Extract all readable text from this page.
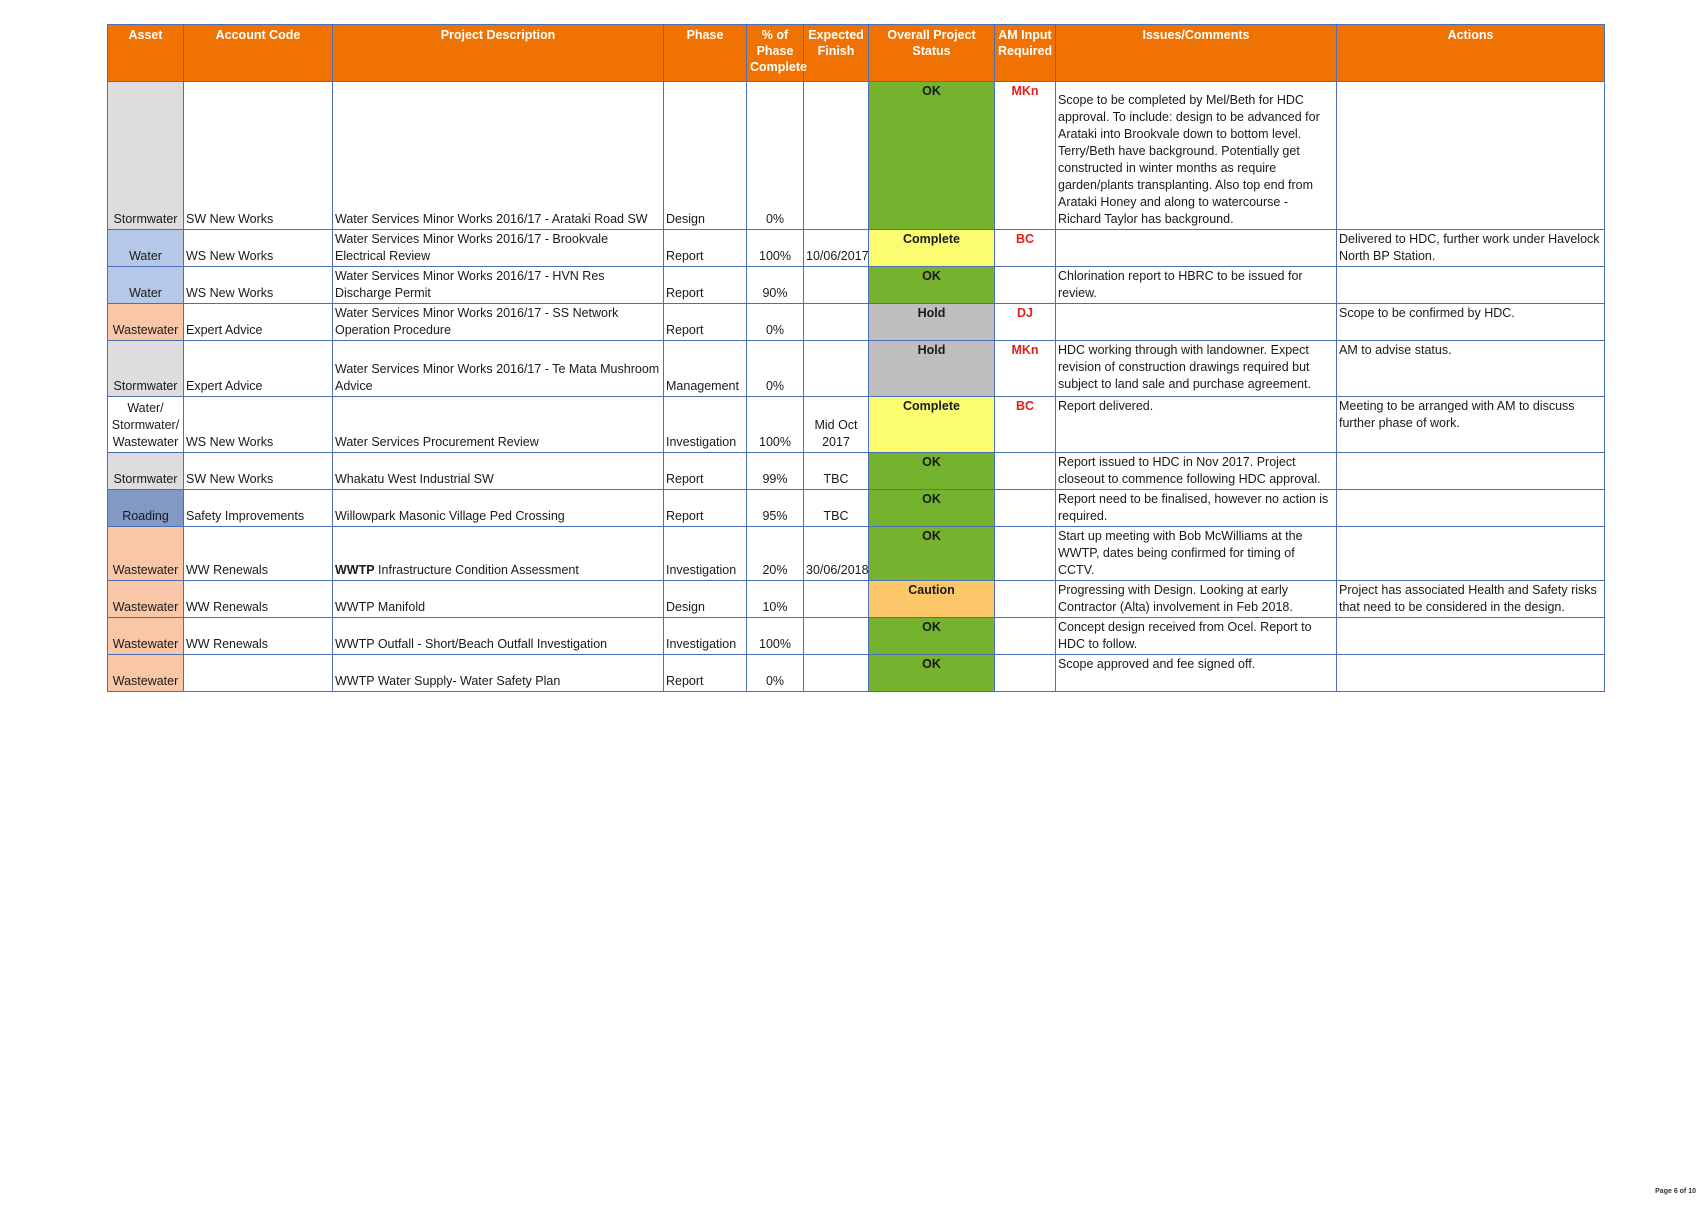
Asset	Account Code	Project Description	Phase	% of Phase Complete	Expected Finish	Overall Project Status	AM Input Required	Issues/Comments	Actions
Stormwater	SW New Works	Water Services Minor Works 2016/17 - Arataki Road SW	Design	0%		OK	MKn	Scope to be completed by Mel/Beth for HDC approval. To include: design to be advanced for Arataki into Brookvale down to bottom level. Terry/Beth have background. Potentially get constructed in winter months as require garden/plants transplanting. Also top end from Arataki Honey and along to watercourse - Richard Taylor has background.	
Water	WS New Works	Water Services Minor Works 2016/17 - Brookvale Electrical Review	Report	100%	10/06/2017	Complete	BC		Delivered to HDC, further work under Havelock North BP Station.
Water	WS New Works	Water Services Minor Works 2016/17 - HVN Res Discharge Permit	Report	90%		OK		Chlorination report to HBRC to be issued for review.	
Wastewater	Expert Advice	Water Services Minor Works 2016/17 - SS Network Operation Procedure	Report	0%		Hold	DJ		Scope to be confirmed by HDC.
Stormwater	Expert Advice	Water Services Minor Works 2016/17 - Te Mata Mushroom Advice	Management	0%		Hold	MKn	HDC working through with landowner. Expect revision of construction drawings required but subject to land sale and purchase agreement.	AM to advise status.
Water/ Stormwater/ Wastewater	WS New Works	Water Services Procurement Review	Investigation	100%	Mid Oct 2017	Complete	BC	Report delivered.	Meeting to be arranged with AM to discuss further phase of work.
Stormwater	SW New Works	Whakatu West Industrial SW	Report	99%	TBC	OK		Report issued to HDC in Nov 2017. Project closeout to commence following HDC approval.	
Roading	Safety Improvements	Willowpark Masonic Village Ped Crossing	Report	95%	TBC	OK		Report need to be finalised, however no action is required.	
Wastewater	WW Renewals	WWTP Infrastructure Condition Assessment	Investigation	20%	30/06/2018	OK		Start up meeting with Bob McWilliams at the WWTP, dates being confirmed for timing of CCTV.	
Wastewater	WW Renewals	WWTP Manifold	Design	10%		Caution		Progressing with Design. Looking at early Contractor (Alta) involvement in Feb 2018.	Project has associated Health and Safety risks that need to be considered in the design.
Wastewater	WW Renewals	WWTP Outfall - Short/Beach Outfall Investigation	Investigation	100%		OK		Concept design received from Ocel. Report to HDC to follow.	
Wastewater		WWTP Water Supply- Water Safety Plan	Report	0%		OK		Scope approved and fee signed off.	
Page 6 of 10
